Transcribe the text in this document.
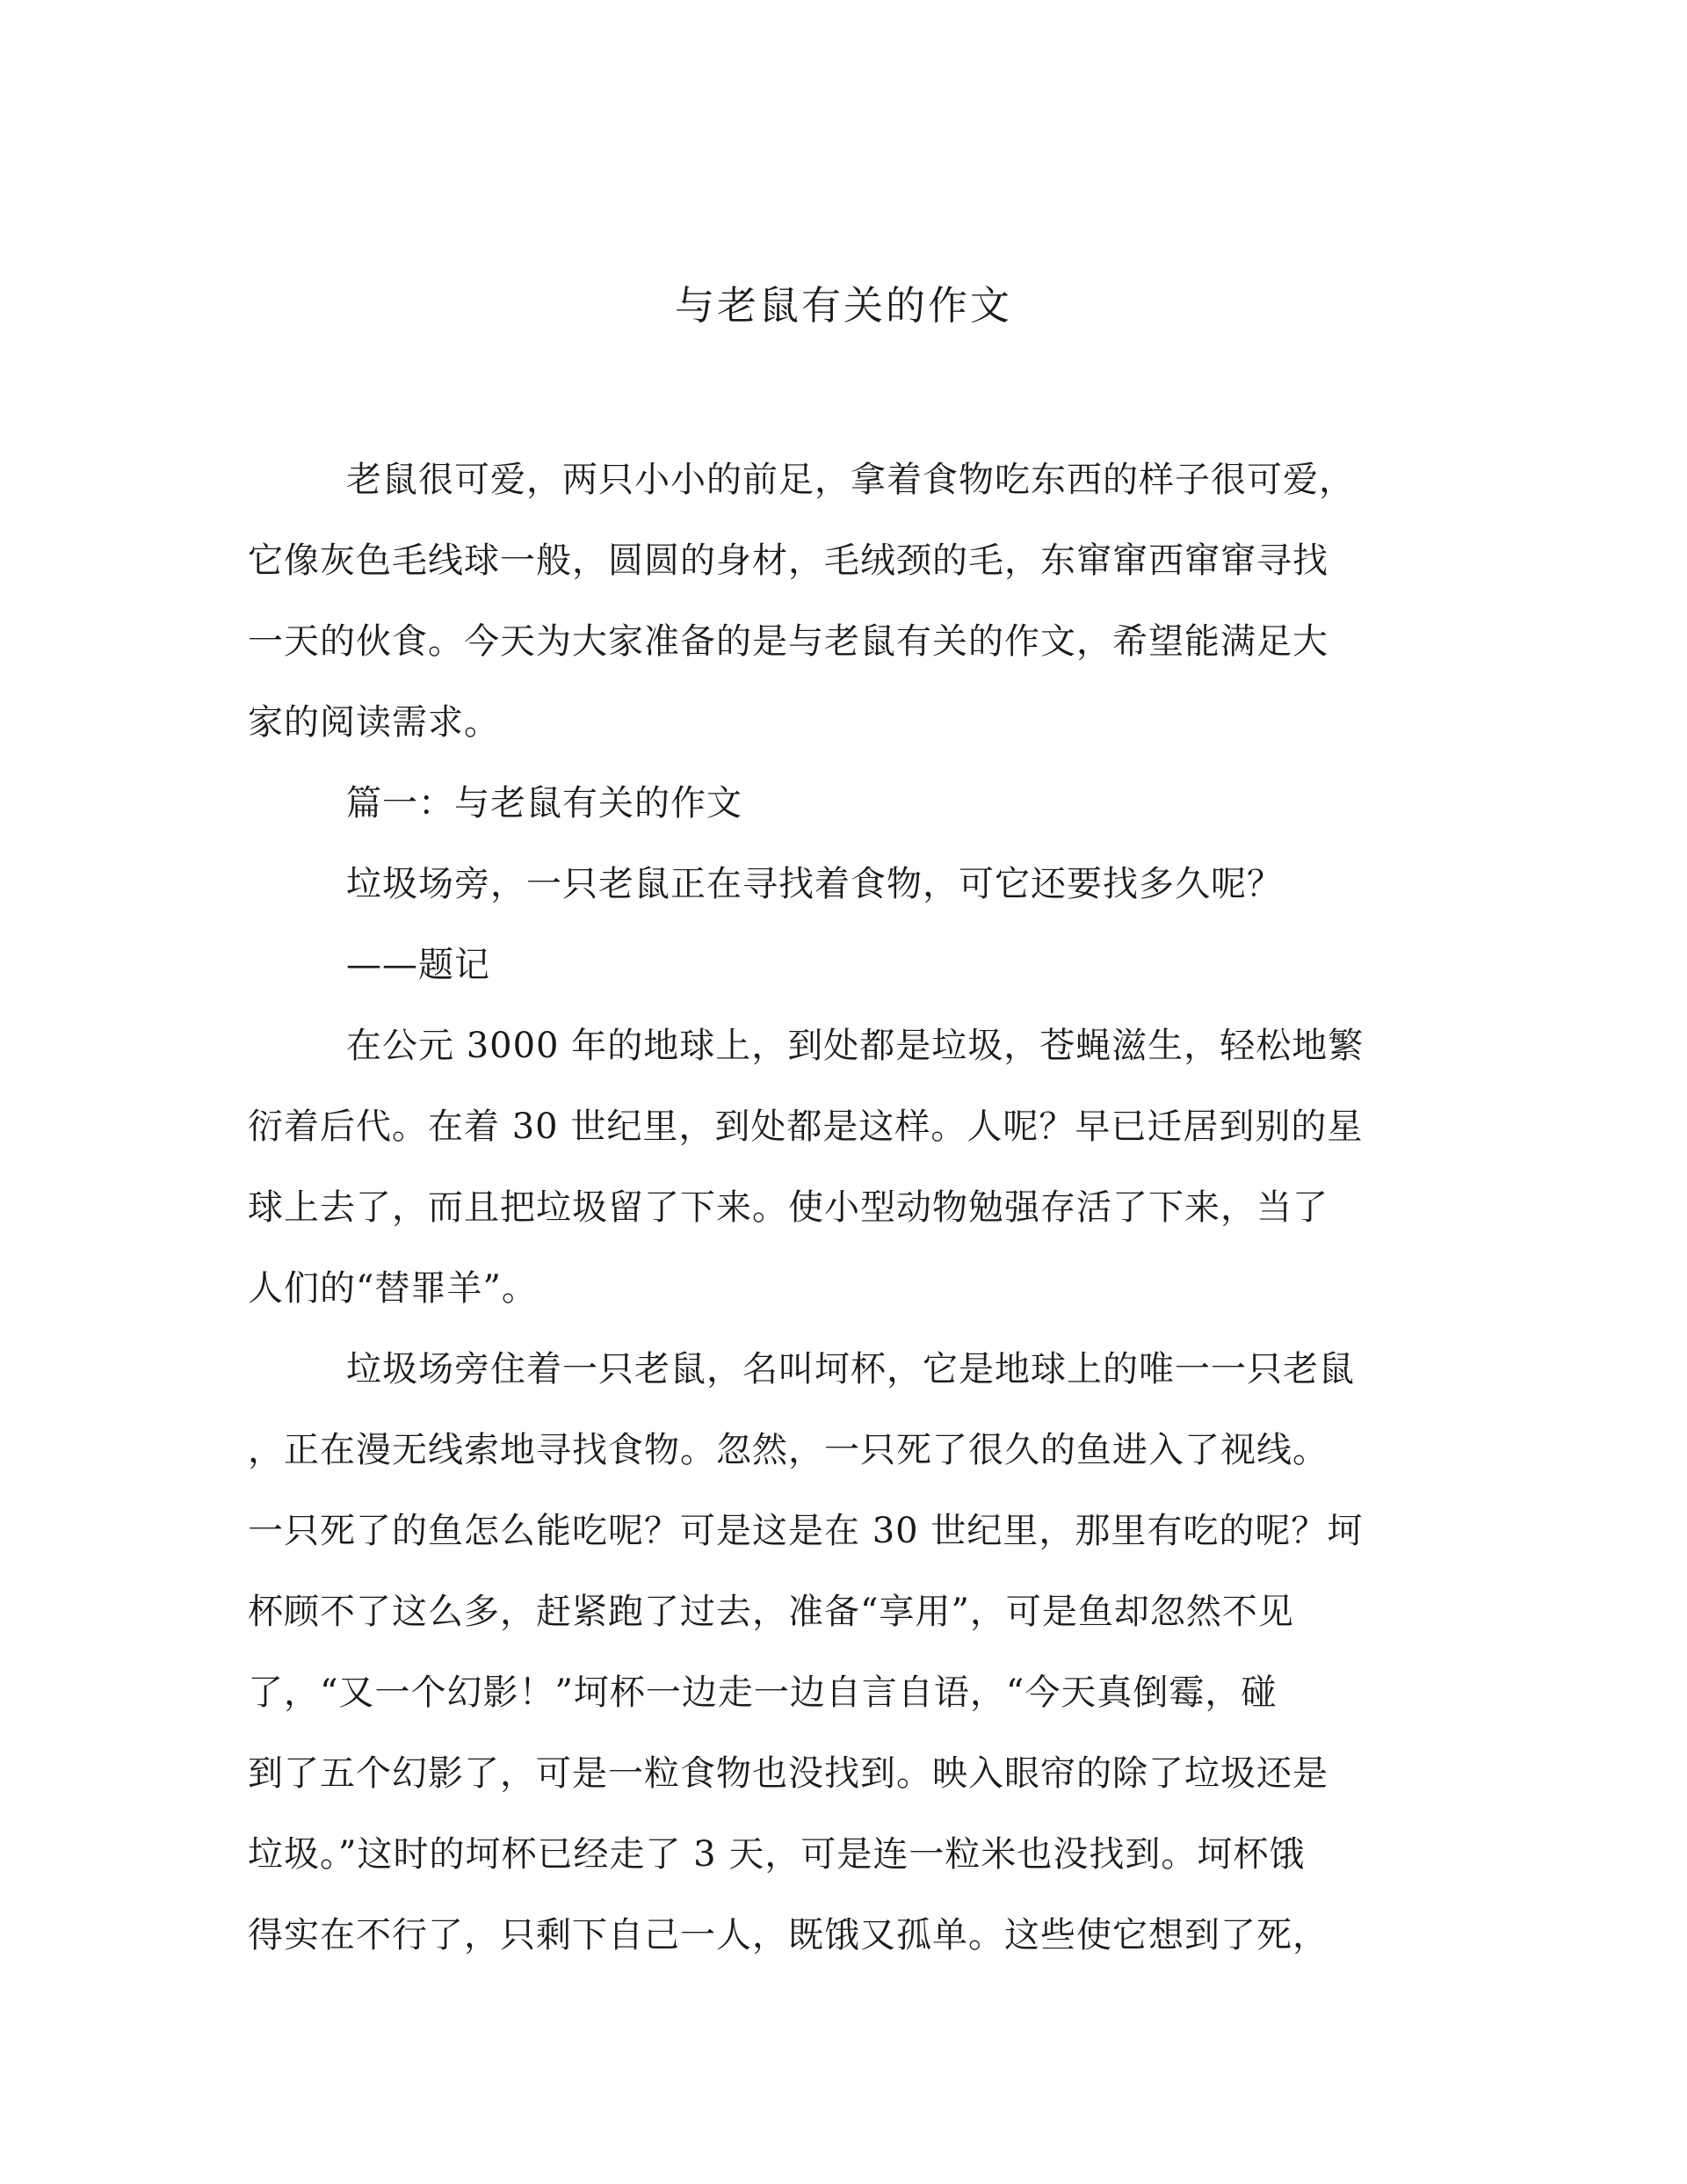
与老鼠有关的作文
老鼠很可爱，两只小小的前足，拿着食物吃东西的样子很可爱，
它像灰色毛线球一般，圆圆的身材，毛绒颈的毛，东窜窜西窜窜寻找
一天的伙食。今天为大家准备的是与老鼠有关的作文，希望能满足大
家的阅读需求。
篇一：与老鼠有关的作文
垃圾场旁，一只老鼠正在寻找着食物，可它还要找多久呢？
——题记
在公元 3000 年的地球上，到处都是垃圾，苍蝇滋生，轻松地繁
衍着后代。在着 30 世纪里，到处都是这样。人呢？早已迁居到别的星
球上去了，而且把垃圾留了下来。使小型动物勉强存活了下来，当了
人们的“替罪羊”。
垃圾场旁住着一只老鼠，名叫坷杯，它是地球上的唯一一只老鼠
，正在漫无线索地寻找食物。忽然，一只死了很久的鱼进入了视线。
一只死了的鱼怎么能吃呢？可是这是在 30 世纪里，那里有吃的呢？坷
杯顾不了这么多，赶紧跑了过去，准备“享用”，可是鱼却忽然不见
了，“又一个幻影！”坷杯一边走一边自言自语，“今天真倒霉，碰
到了五个幻影了，可是一粒食物也没找到。映入眼帘的除了垃圾还是
垃圾。”这时的坷杯已经走了 3 天，可是连一粒米也没找到。坷杯饿
得实在不行了，只剩下自己一人，既饿又孤单。这些使它想到了死，
